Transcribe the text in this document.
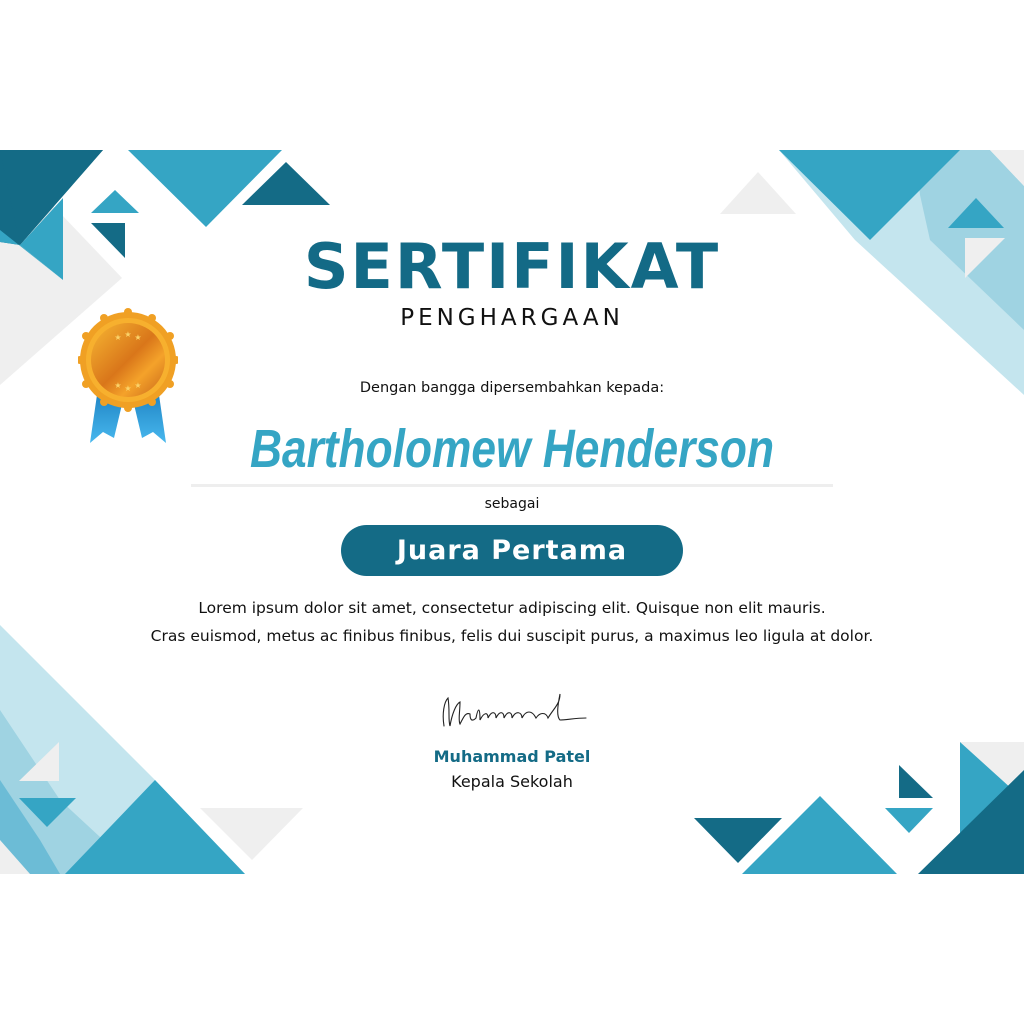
★ ★ ★
★ ★ ★
SERTIFIKAT
PENGHARGAAN
Dengan bangga dipersembahkan kepada:
Bartholomew Henderson
sebagai
Juara Pertama
Lorem ipsum dolor sit amet, consectetur adipiscing elit. Quisque non elit mauris.
Cras euismod, metus ac finibus finibus, felis dui suscipit purus, a maximus leo ligula at dolor.
Muhammad Patel
Kepala Sekolah
